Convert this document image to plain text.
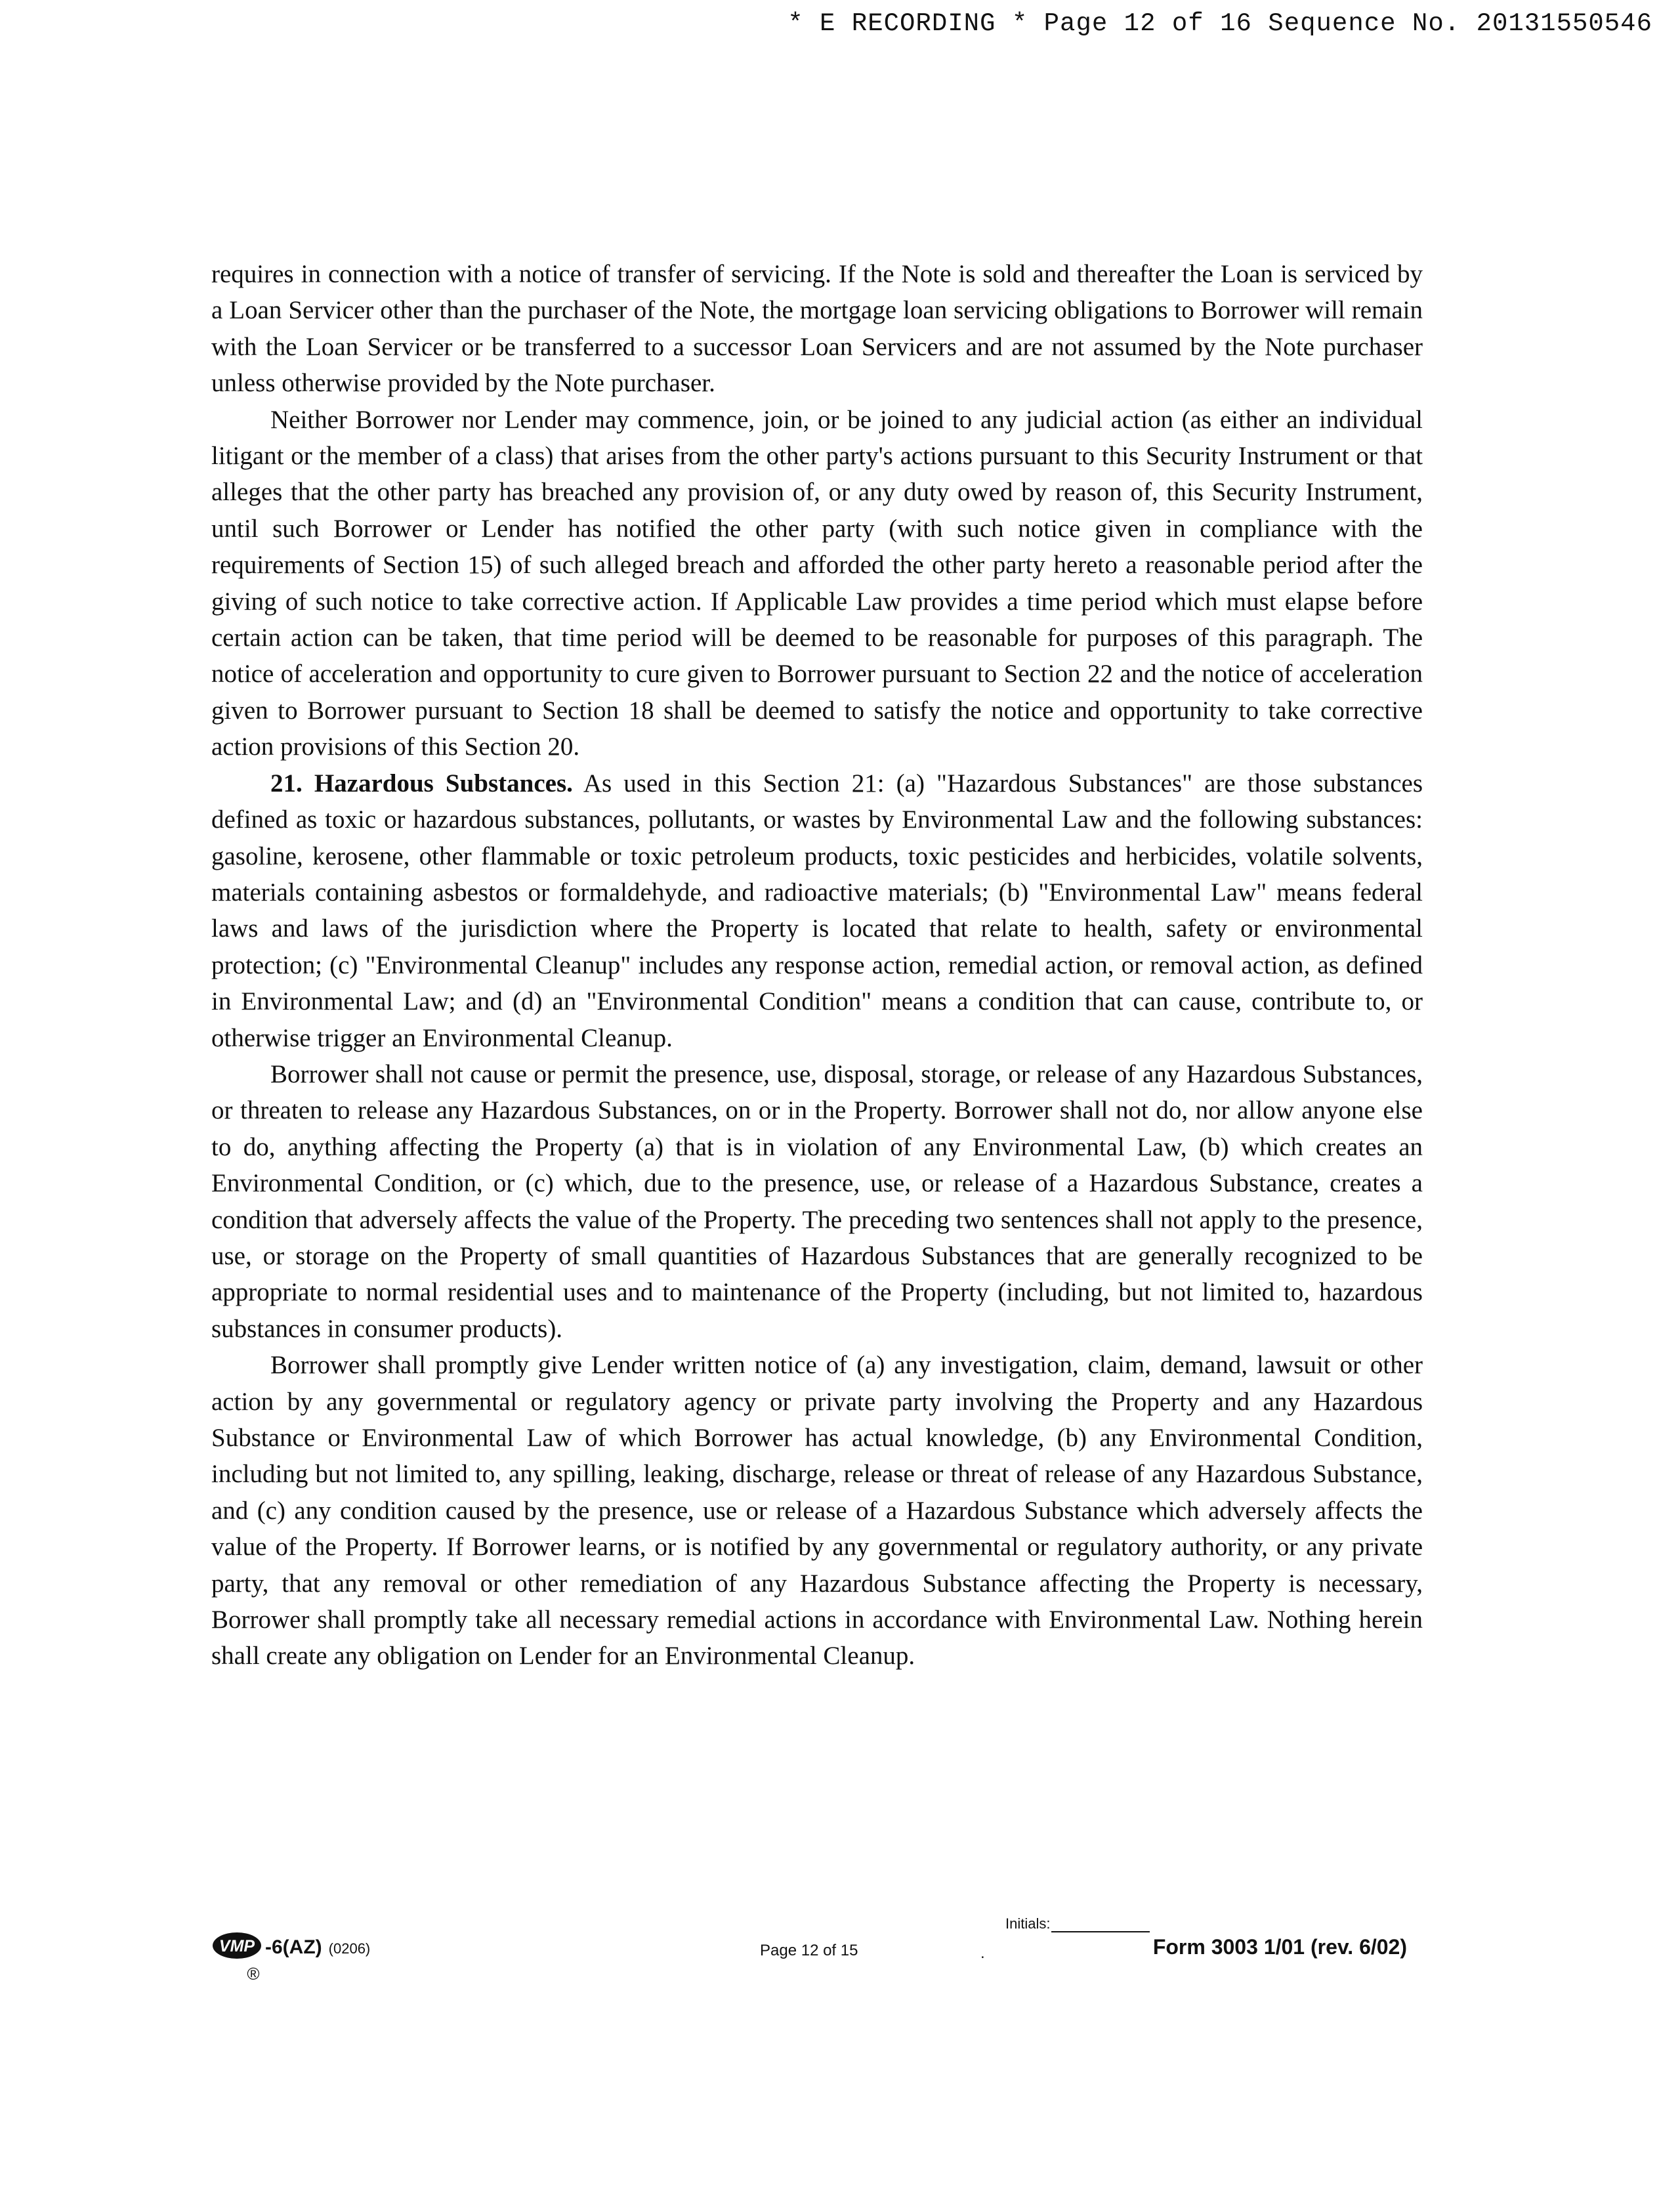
* E RECORDING * Page 12 of 16 Sequence No. 20131550546

requires in connection with a notice of transfer of servicing. If the Note is sold and thereafter the Loan is serviced by a Loan Servicer other than the purchaser of the Note, the mortgage loan servicing obligations to Borrower will remain with the Loan Servicer or be transferred to a successor Loan Servicers and are not assumed by the Note purchaser unless otherwise provided by the Note purchaser.

Neither Borrower nor Lender may commence, join, or be joined to any judicial action (as either an individual litigant or the member of a class) that arises from the other party's actions pursuant to this Security Instrument or that alleges that the other party has breached any provision of, or any duty owed by reason of, this Security Instrument, until such Borrower or Lender has notified the other party (with such notice given in compliance with the requirements of Section 15) of such alleged breach and afforded the other party hereto a reasonable period after the giving of such notice to take corrective action. If Applicable Law provides a time period which must elapse before certain action can be taken, that time period will be deemed to be reasonable for purposes of this paragraph. The notice of acceleration and opportunity to cure given to Borrower pursuant to Section 22 and the notice of acceleration given to Borrower pursuant to Section 18 shall be deemed to satisfy the notice and opportunity to take corrective action provisions of this Section 20.

21. Hazardous Substances. As used in this Section 21: (a) "Hazardous Substances" are those substances defined as toxic or hazardous substances, pollutants, or wastes by Environmental Law and the following substances: gasoline, kerosene, other flammable or toxic petroleum products, toxic pesticides and herbicides, volatile solvents, materials containing asbestos or formaldehyde, and radioactive materials; (b) "Environmental Law" means federal laws and laws of the jurisdiction where the Property is located that relate to health, safety or environmental protection; (c) "Environmental Cleanup" includes any response action, remedial action, or removal action, as defined in Environmental Law; and (d) an "Environmental Condition" means a condition that can cause, contribute to, or otherwise trigger an Environmental Cleanup.

Borrower shall not cause or permit the presence, use, disposal, storage, or release of any Hazardous Substances, or threaten to release any Hazardous Substances, on or in the Property. Borrower shall not do, nor allow anyone else to do, anything affecting the Property (a) that is in violation of any Environmental Law, (b) which creates an Environmental Condition, or (c) which, due to the presence, use, or release of a Hazardous Substance, creates a condition that adversely affects the value of the Property. The preceding two sentences shall not apply to the presence, use, or storage on the Property of small quantities of Hazardous Substances that are generally recognized to be appropriate to normal residential uses and to maintenance of the Property (including, but not limited to, hazardous substances in consumer products).

Borrower shall promptly give Lender written notice of (a) any investigation, claim, demand, lawsuit or other action by any governmental or regulatory agency or private party involving the Property and any Hazardous Substance or Environmental Law of which Borrower has actual knowledge, (b) any Environmental Condition, including but not limited to, any spilling, leaking, discharge, release or threat of release of any Hazardous Substance, and (c) any condition caused by the presence, use or release of a Hazardous Substance which adversely affects the value of the Property. If Borrower learns, or is notified by any governmental or regulatory authority, or any private party, that any removal or other remediation of any Hazardous Substance affecting the Property is necessary, Borrower shall promptly take all necessary remedial actions in accordance with Environmental Law. Nothing herein shall create any obligation on Lender for an Environmental Cleanup.

VMP
®
-6(AZ) (0206)	Page 12 of 15
Initials:
.	Form 3003 1/01 (rev. 6/02)
